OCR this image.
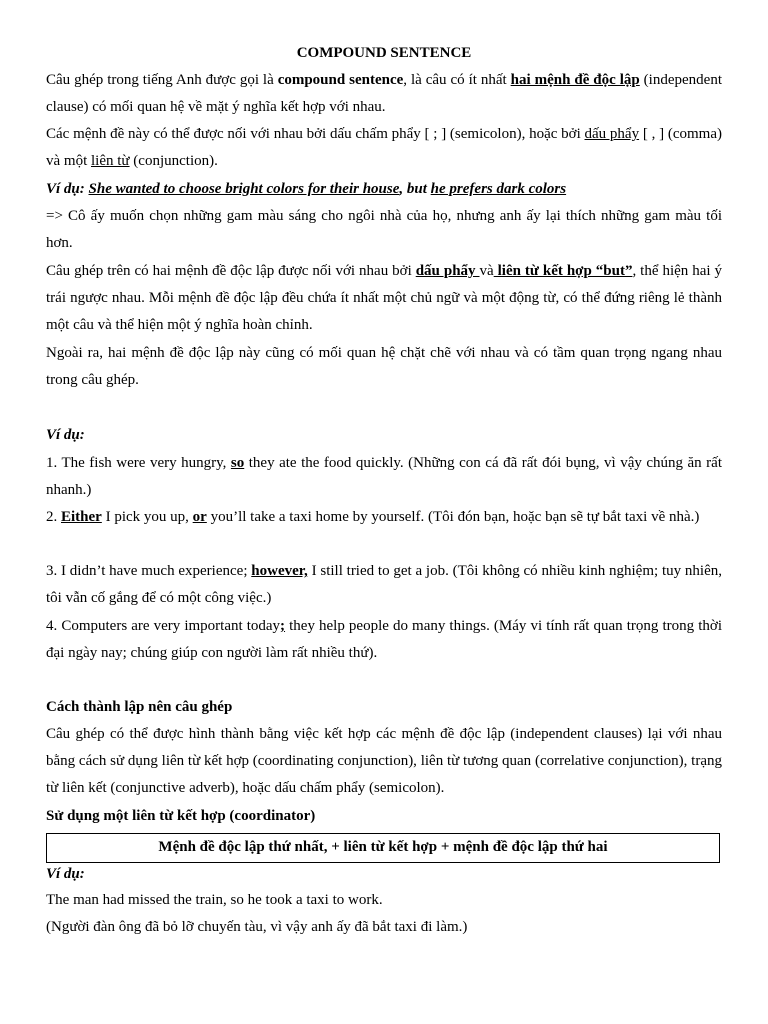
COMPOUND SENTENCE

Câu ghép trong tiếng Anh được gọi là compound sentence, là câu có ít nhất hai mệnh đề độc lập (independent clause) có mối quan hệ về mặt ý nghĩa kết hợp với nhau.

Các mệnh đề này có thể được nối với nhau bởi dấu chấm phẩy [ ; ] (semicolon), hoặc bởi dấu phẩy [ , ] (comma) và một liên từ (conjunction).

Ví dụ: She wanted to choose bright colors for their house, but he prefers dark colors

=> Cô ấy muốn chọn những gam màu sáng cho ngôi nhà của họ, nhưng anh ấy lại thích những gam màu tối hơn.

Câu ghép trên có hai mệnh đề độc lập được nối với nhau bởi dấu phẩy và liên từ kết hợp “but”, thể hiện hai ý trái ngược nhau. Mỗi mệnh đề độc lập đều chứa ít nhất một chủ ngữ và một động từ, có thể đứng riêng lẻ thành một câu và thể hiện một ý nghĩa hoàn chỉnh.

Ngoài ra, hai mệnh đề độc lập này cũng có mối quan hệ chặt chẽ với nhau và có tầm quan trọng ngang nhau trong câu ghép.

Ví dụ:

1. The fish were very hungry, so they ate the food quickly. (Những con cá đã rất đói bụng, vì vậy chúng ăn rất nhanh.)

2. Either I pick you up, or you’ll take a taxi home by yourself. (Tôi đón bạn, hoặc bạn sẽ tự bắt taxi về nhà.)

3. I didn’t have much experience; however, I still tried to get a job. (Tôi không có nhiều kinh nghiệm; tuy nhiên, tôi vẫn cố gắng để có một công việc.)

4. Computers are very important today; they help people do many things. (Máy vi tính rất quan trọng trong thời đại ngày nay; chúng giúp con người làm rất nhiều thứ).

Cách thành lập nên câu ghép

Câu ghép có thể được hình thành bằng việc kết hợp các mệnh đề độc lập (independent clauses) lại với nhau bằng cách sử dụng liên từ kết hợp (coordinating conjunction), liên từ tương quan (correlative conjunction), trạng từ liên kết (conjunctive adverb), hoặc dấu chấm phẩy (semicolon).

Sử dụng một liên từ kết hợp (coordinator)

Mệnh đề độc lập thứ nhất, + liên từ kết hợp + mệnh đề độc lập thứ hai

Ví dụ:

The man had missed the train, so he took a taxi to work.

(Người đàn ông đã bỏ lỡ chuyến tàu, vì vậy anh ấy đã bắt taxi đi làm.)
